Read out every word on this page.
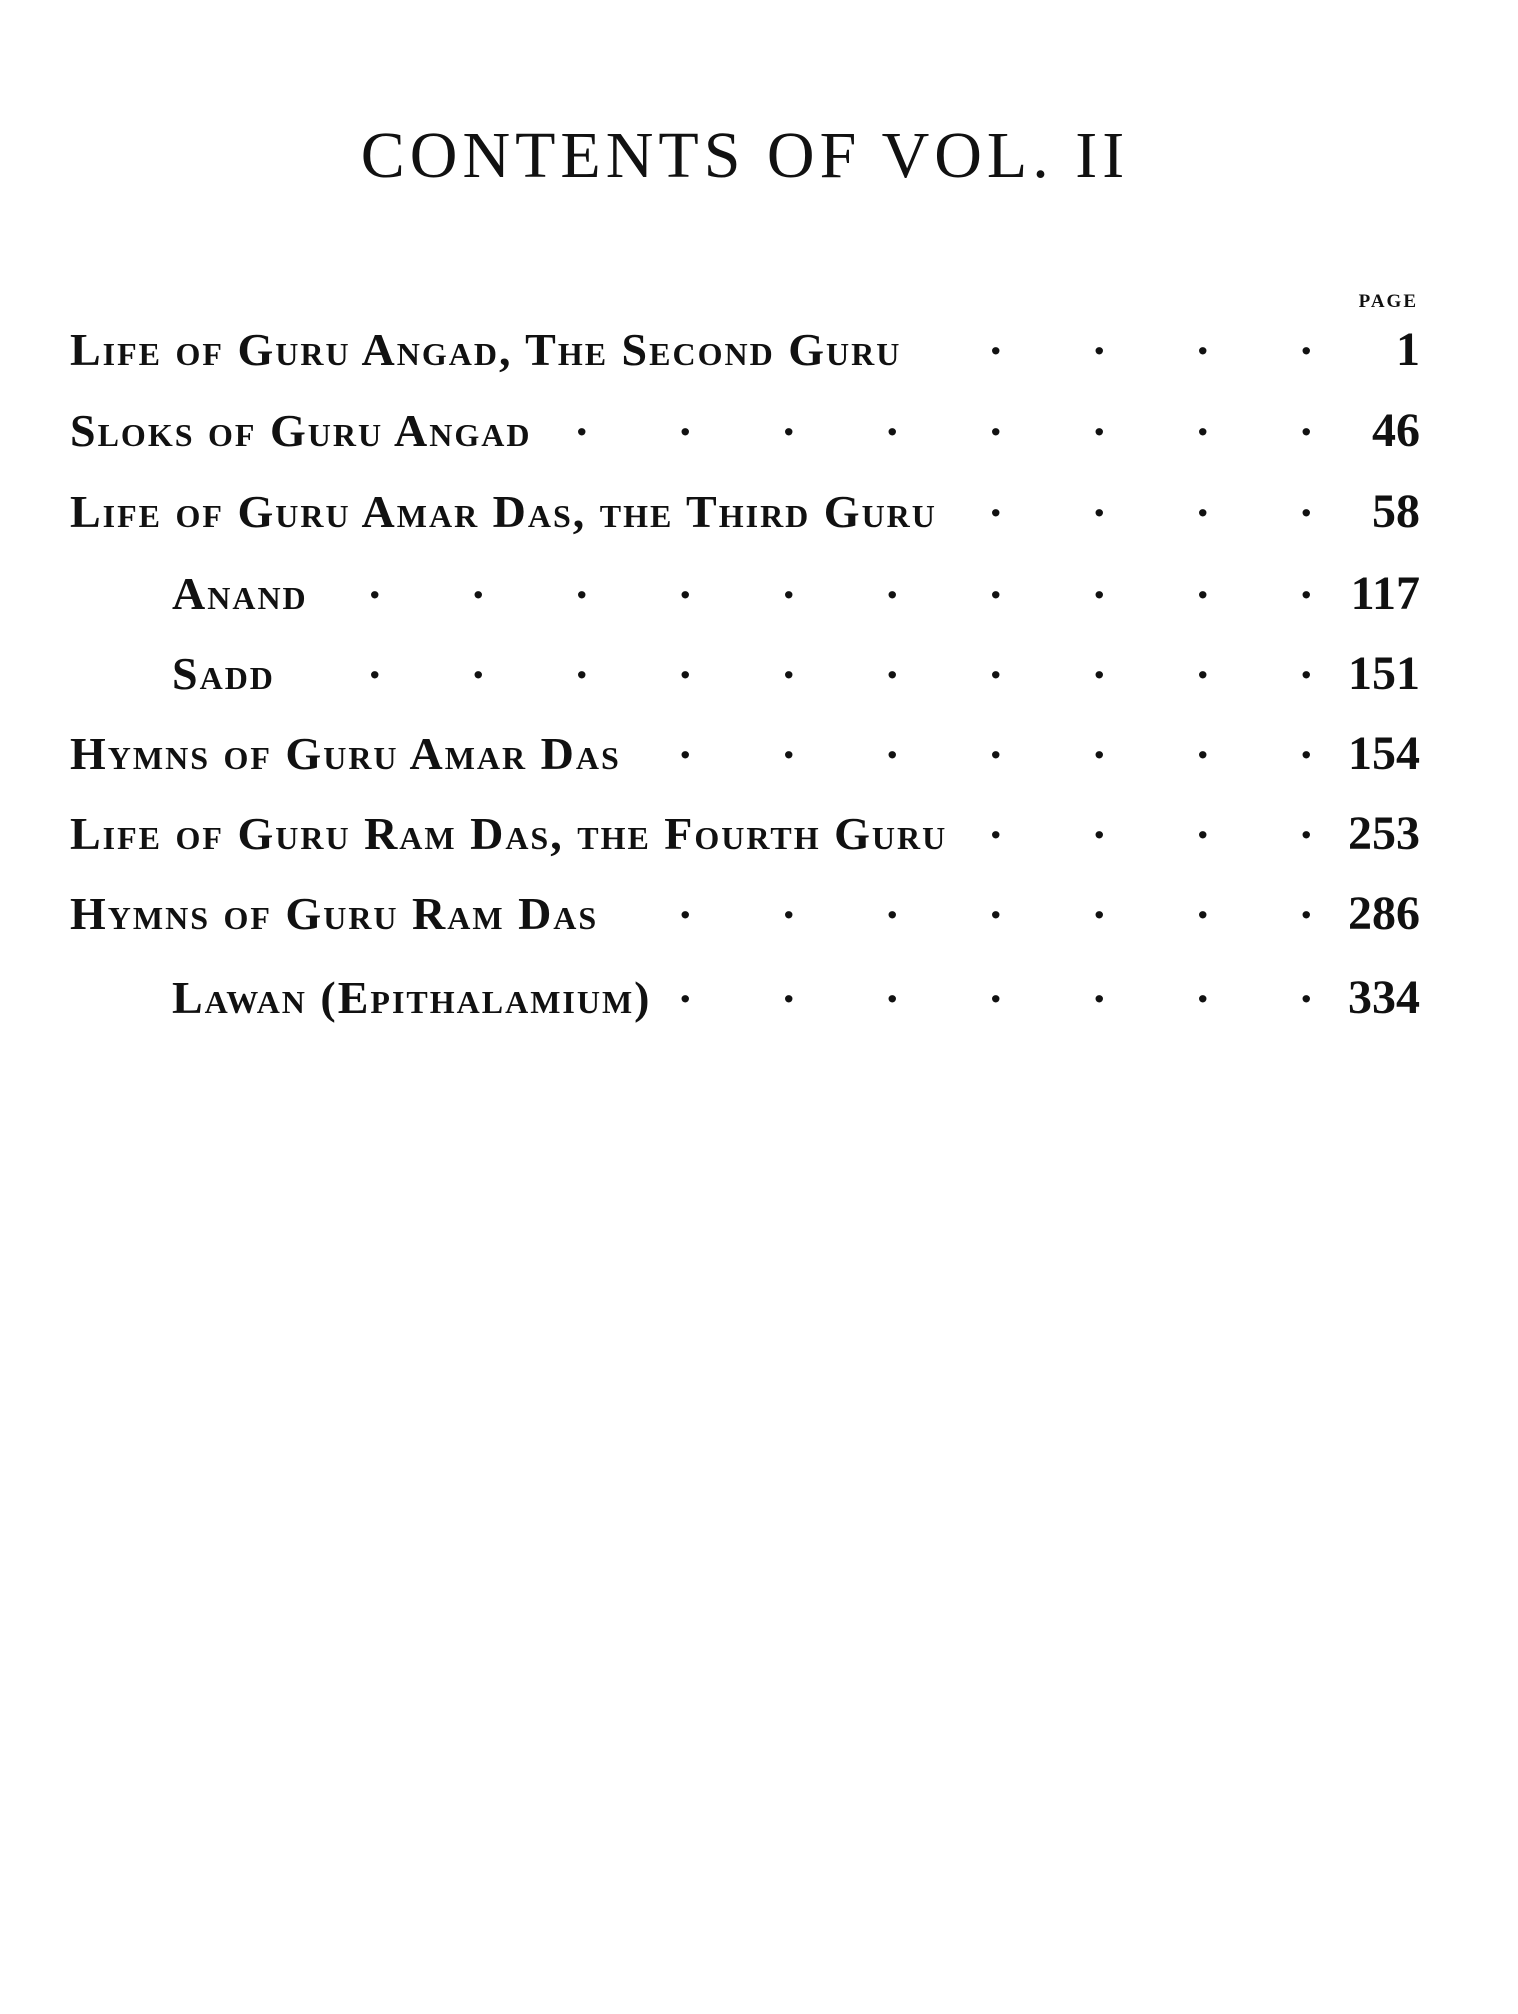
CONTENTS OF VOL. II
page
Life of Guru Angad, The Second Guru .	1
Sloks of Guru Angad .	46
Life of Guru Amar Das, the Third Guru .	58
Anand .	117
Sadd .	151
Hymns of Guru Amar Das .	154
Life of Guru Ram Das, the Fourth Guru .	253
Hymns of Guru Ram Das .	286
Lawan (Epithalamium) .	334
